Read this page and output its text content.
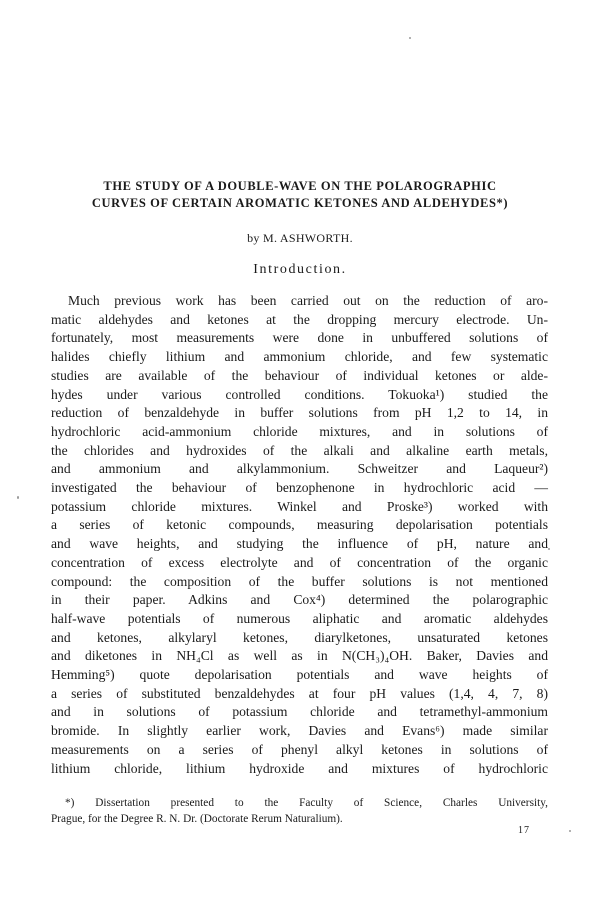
THE STUDY OF A DOUBLE-WAVE ON THE POLAROGRAPHIC
CURVES OF CERTAIN AROMATIC KETONES AND ALDEHYDES*)
by M. ASHWORTH.
Introduction.
Much previous work has been carried out on the reduction of aro-
matic aldehydes and ketones at the dropping mercury electrode. Un-
fortunately, most measurements were done in unbuffered solutions of
halides chiefly lithium and ammonium chloride, and few systematic
studies are available of the behaviour of individual ketones or alde-
hydes under various controlled conditions. Tokuoka¹) studied the
reduction of benzaldehyde in buffer solutions from pH 1,2 to 14, in
hydrochloric acid-ammonium chloride mixtures, and in solutions of
the chlorides and hydroxides of the alkali and alkaline earth metals,
and ammonium and alkylammonium. Schweitzer and Laqueur²)
investigated the behaviour of benzophenone in hydrochloric acid —
potassium chloride mixtures. Winkel and Proske³) worked with
a series of ketonic compounds, measuring depolarisation potentials
and wave heights, and studying the influence of pH, nature and
concentration of excess electrolyte and of concentration of the organic
compound: the composition of the buffer solutions is not mentioned
in their paper. Adkins and Cox⁴) determined the polarographic
half-wave potentials of numerous aliphatic and aromatic aldehydes
and ketones, alkylaryl ketones, diarylketones, unsaturated ketones
and diketones in NH₄Cl as well as in N(CH₃)₄OH. Baker, Davies and
Hemming⁵) quote depolarisation potentials and wave heights of
a series of substituted benzaldehydes at four pH values (1,4, 4, 7, 8)
and in solutions of potassium chloride and tetramethyl-ammonium
bromide. In slightly earlier work, Davies and Evans⁶) made similar
measurements on a series of phenyl alkyl ketones in solutions of
lithium chloride, lithium hydroxide and mixtures of hydrochloric
*) Dissertation presented to the Faculty of Science, Charles University,
Prague, for the Degree R. N. Dr. (Doctorate Rerum Naturalium).
17
